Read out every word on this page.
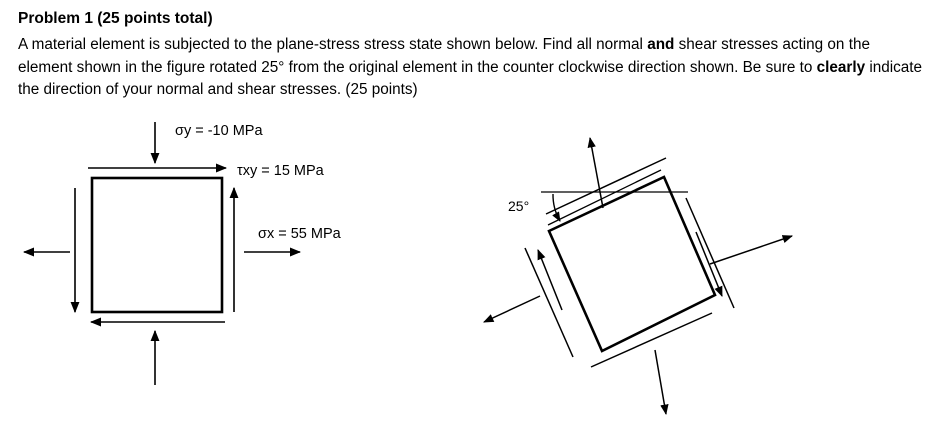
Problem 1 (25 points total)
A material element is subjected to the plane-stress stress state shown below. Find all normal and shear stresses acting on the element shown in the figure rotated 25° from the original element in the counter clockwise direction shown. Be sure to clearly indicate the direction of your normal and shear stresses. (25 points)
σy = -10 MPa
τxy = 15 MPa
σx = 55 MPa
25°
